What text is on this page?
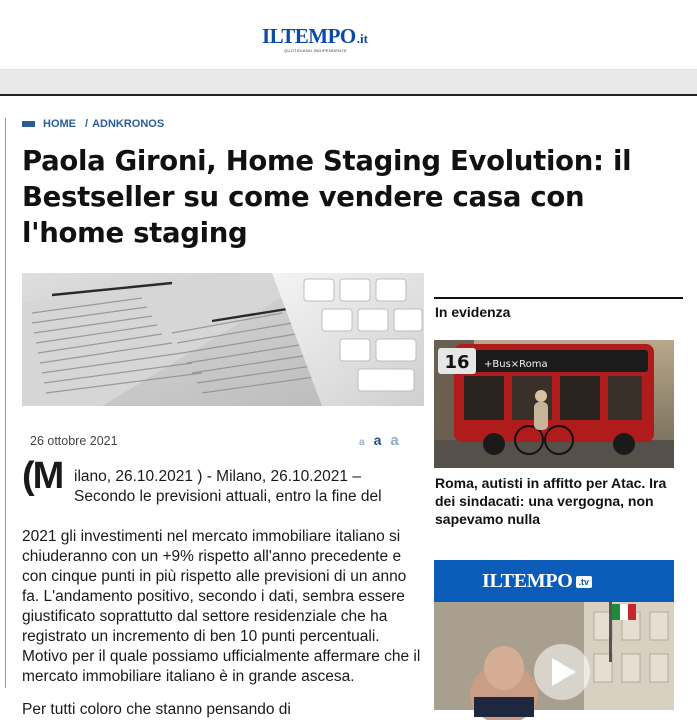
ILTEMPO .it
QUOTIDIANO INDIPENDENTE
HOME / ADNKRONOS
Paola Gironi, Home Staging Evolution: il Bestseller su come vendere casa con l'home staging
26 ottobre 2021	a a a
(M ilano, 26.10.2021 ) - Milano, 26.10.2021 – Secondo le previsioni attuali, entro la fine del

2021 gli investimenti nel mercato immobiliare italiano si chiuderanno con un +9% rispetto all'anno precedente e con cinque punti in più rispetto alle previsioni di un anno fa. L'andamento positivo, secondo i dati, sembra essere giustificato soprattutto dal settore residenziale che ha registrato un incremento di ben 10 punti percentuali. Motivo per il quale possiamo ufficialmente affermare che il mercato immobiliare italiano è in grande ascesa.

Per tutti coloro che stanno pensando di

In evidenza
16 +Bus×Roma
Roma, autisti in affitto per Atac. Ira dei sindacati: una vergogna, non sapevamo nulla
ILTEMPO .tv
